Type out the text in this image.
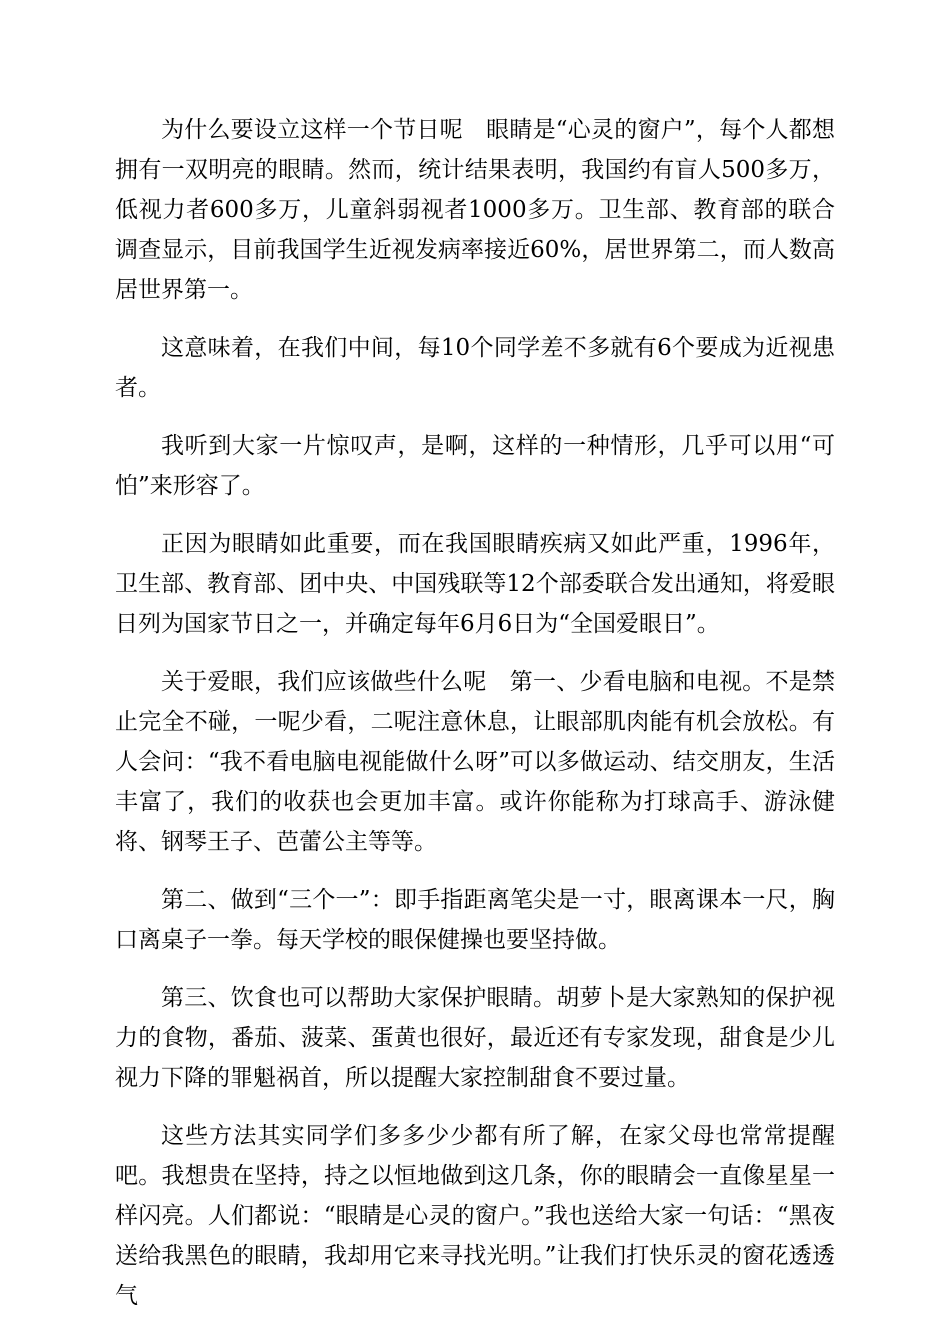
为什么要设立这样一个节日呢　眼睛是“心灵的窗户”，每个人都想拥有一双明亮的眼睛。然而，统计结果表明，我国约有盲人500多万，低视力者600多万，儿童斜弱视者1000多万。卫生部、教育部的联合调查显示，目前我国学生近视发病率接近60%，居世界第二，而人数高居世界第一。

这意味着，在我们中间，每10个同学差不多就有6个要成为近视患者。

我听到大家一片惊叹声，是啊，这样的一种情形，几乎可以用“可怕”来形容了。

正因为眼睛如此重要，而在我国眼睛疾病又如此严重，1996年，卫生部、教育部、团中央、中国残联等12个部委联合发出通知，将爱眼日列为国家节日之一，并确定每年6月6日为“全国爱眼日”。

关于爱眼，我们应该做些什么呢　第一、少看电脑和电视。不是禁止完全不碰，一呢少看，二呢注意休息，让眼部肌肉能有机会放松。有人会问：“我不看电脑电视能做什么呀”可以多做运动、结交朋友，生活丰富了，我们的收获也会更加丰富。或许你能称为打球高手、游泳健将、钢琴王子、芭蕾公主等等。

第二、做到“三个一”：即手指距离笔尖是一寸，眼离课本一尺，胸口离桌子一拳。每天学校的眼保健操也要坚持做。

第三、饮食也可以帮助大家保护眼睛。胡萝卜是大家熟知的保护视力的食物，番茄、菠菜、蛋黄也很好，最近还有专家发现，甜食是少儿视力下降的罪魁祸首，所以提醒大家控制甜食不要过量。

这些方法其实同学们多多少少都有所了解，在家父母也常常提醒吧。我想贵在坚持，持之以恒地做到这几条，你的眼睛会一直像星星一样闪亮。人们都说：“眼睛是心灵的窗户。”我也送给大家一句话：“黑夜送给我黑色的眼睛，我却用它来寻找光明。”让我们打快乐灵的窗花透透气
